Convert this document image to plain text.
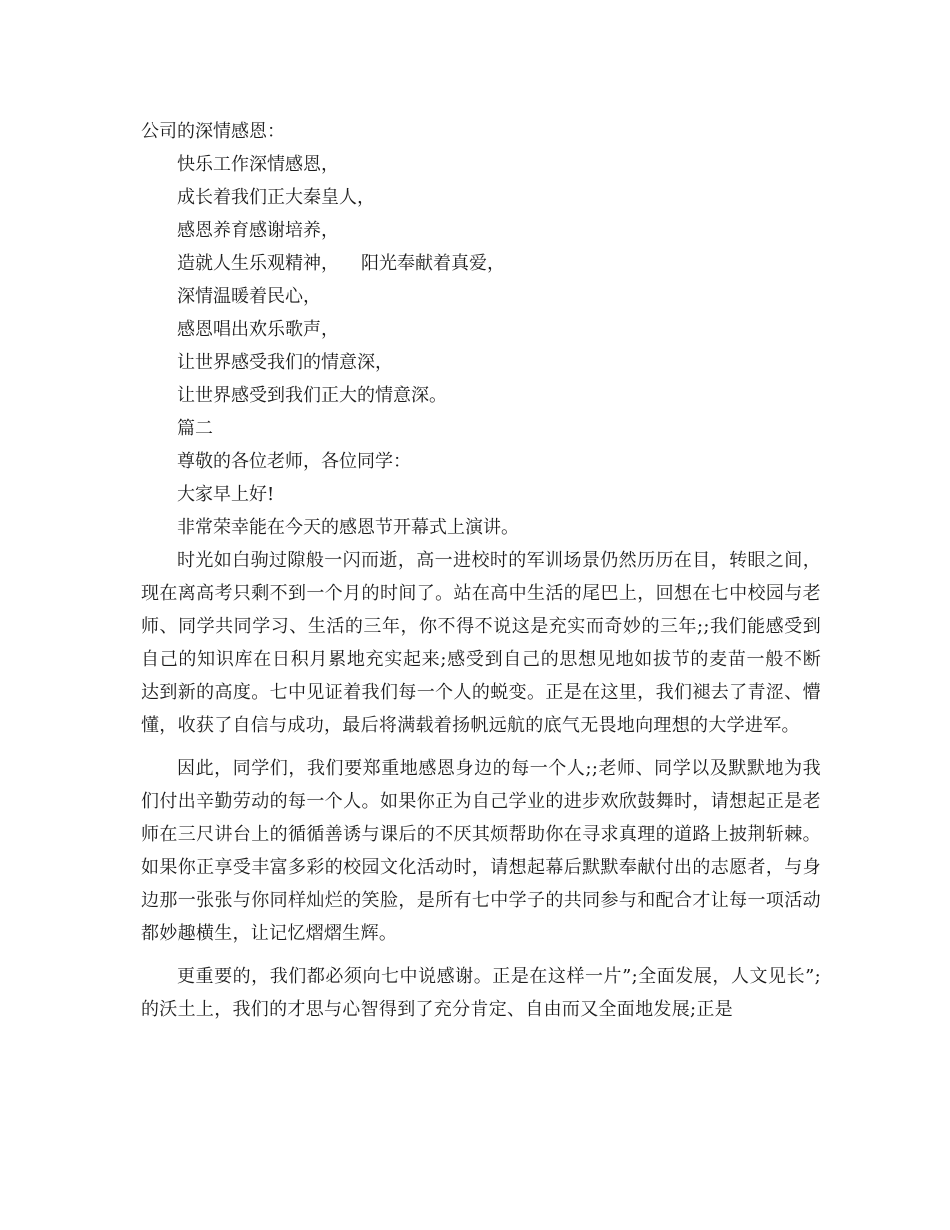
公司的深情感恩：

快乐工作深情感恩，

成长着我们正大秦皇人，

感恩养育感谢培养，

造就人生乐观精神， 阳光奉献着真爱，

深情温暖着民心，

感恩唱出欢乐歌声，

让世界感受我们的情意深，

让世界感受到我们正大的情意深。

篇二

尊敬的各位老师，各位同学：

大家早上好!

非常荣幸能在今天的感恩节开幕式上演讲。

时光如白驹过隙般一闪而逝，高一进校时的军训场景仍然历历在目，转眼之间，现在离高考只剩不到一个月的时间了。站在高中生活的尾巴上，回想在七中校园与老师、同学共同学习、生活的三年，你不得不说这是充实而奇妙的三年;;我们能感受到自己的知识库在日积月累地充实起来;感受到自己的思想见地如拔节的麦苗一般不断达到新的高度。七中见证着我们每一个人的蜕变。正是在这里，我们褪去了青涩、懵懂，收获了自信与成功，最后将满载着扬帆远航的底气无畏地向理想的大学进军。

因此，同学们，我们要郑重地感恩身边的每一个人;;老师、同学以及默默地为我们付出辛勤劳动的每一个人。如果你正为自己学业的进步欢欣鼓舞时，请想起正是老师在三尺讲台上的循循善诱与课后的不厌其烦帮助你在寻求真理的道路上披荆斩棘。如果你正享受丰富多彩的校园文化活动时，请想起幕后默默奉献付出的志愿者，与身边那一张张与你同样灿烂的笑脸，是所有七中学子的共同参与和配合才让每一项活动都妙趣横生，让记忆熠熠生辉。

更重要的，我们都必须向七中说感谢。正是在这样一片”;全面发展，人文见长”;的沃土上，我们的才思与心智得到了充分肯定、自由而又全面地发展;正是
